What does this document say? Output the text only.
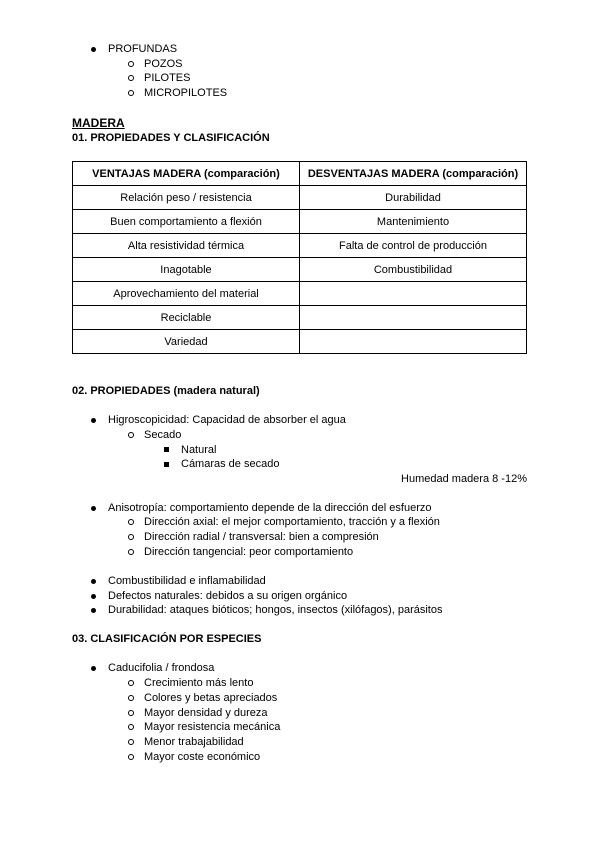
PROFUNDAS
POZOS
PILOTES
MICROPILOTES
MADERA
01. PROPIEDADES Y CLASIFICACIÓN
VENTAJAS MADERA (comparación)	DESVENTAJAS MADERA (comparación)
Relación peso / resistencia	Durabilidad
Buen comportamiento a flexión	Mantenimiento
Alta resistividad térmica	Falta de control de producción
Inagotable	Combustibilidad
Aprovechamiento del material	
Reciclable	
Variedad	
02. PROPIEDADES (madera natural)
Higroscopicidad: Capacidad de absorber el agua
Secado
Natural
Cámaras de secado
Humedad madera 8 -12%
Anisotropía: comportamiento depende de la dirección del esfuerzo
Dirección axial: el mejor comportamiento, tracción y a flexión
Dirección radial / transversal: bien a compresión
Dirección tangencial: peor comportamiento
Combustibilidad e inflamabilidad
Defectos naturales: debidos a su origen orgánico
Durabilidad: ataques bióticos; hongos, insectos (xilófagos), parásitos
03. CLASIFICACIÓN POR ESPECIES
Caducifolia / frondosa
Crecimiento más lento
Colores y betas apreciados
Mayor densidad y dureza
Mayor resistencia mecánica
Menor trabajabilidad
Mayor coste económico
